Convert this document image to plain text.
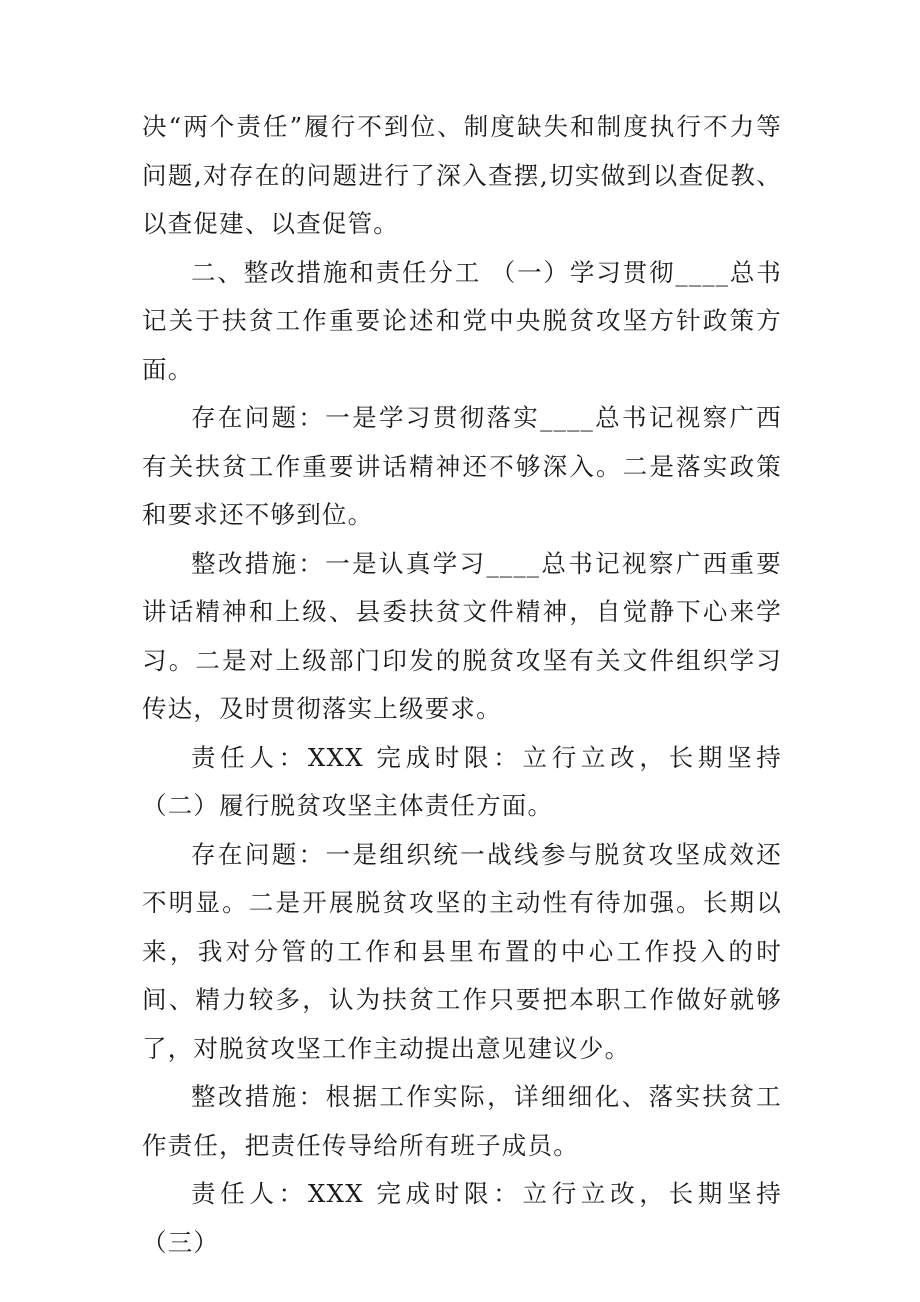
决“两个责任”履行不到位、制度缺失和制度执行不力等问题,对存在的问题进行了深入查摆,切实做到以查促教、以查促建、以查促管。

二、整改措施和责任分工 （一）学习贯彻____总书记关于扶贫工作重要论述和党中央脱贫攻坚方针政策方面。

存在问题：一是学习贯彻落实____总书记视察广西有关扶贫工作重要讲话精神还不够深入。二是落实政策和要求还不够到位。

整改措施：一是认真学习____总书记视察广西重要讲话精神和上级、县委扶贫文件精神，自觉静下心来学习。二是对上级部门印发的脱贫攻坚有关文件组织学习传达，及时贯彻落实上级要求。

责任人：XXX 完成时限：立行立改，长期坚持 （二）履行脱贫攻坚主体责任方面。

存在问题：一是组织统一战线参与脱贫攻坚成效还不明显。二是开展脱贫攻坚的主动性有待加强。长期以来，我对分管的工作和县里布置的中心工作投入的时间、精力较多，认为扶贫工作只要把本职工作做好就够了，对脱贫攻坚工作主动提出意见建议少。

整改措施：根据工作实际，详细细化、落实扶贫工作责任，把责任传导给所有班子成员。

责任人：XXX 完成时限：立行立改，长期坚持 （三）
